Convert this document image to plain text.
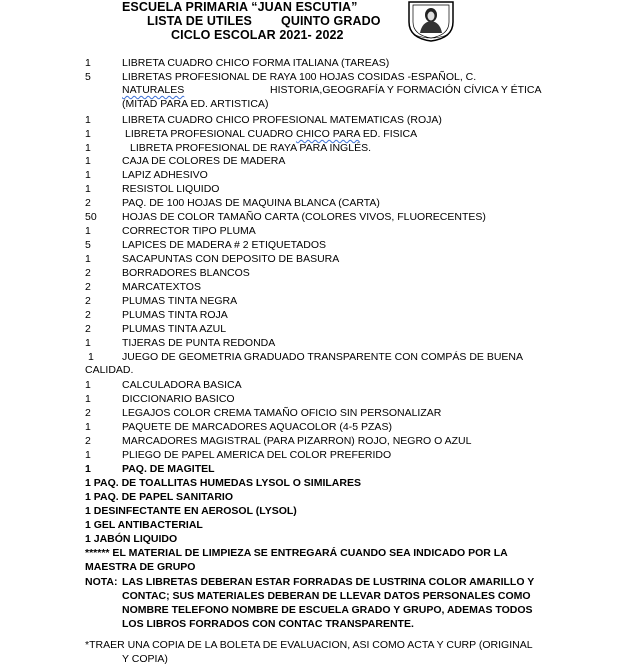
ESCUELA PRIMARIA “JUAN ESCUTIA”
LISTA DE UTILES QUINTO GRADO
CICLO ESCOLAR 2021- 2022
1	LIBRETA CUADRO CHICO FORMA ITALIANA (TAREAS)
5	LIBRETAS PROFESIONAL DE RAYA 100 HOJAS COSIDAS -ESPAÑOL, C.
NATURALES	HISTORIA,GEOGRAFÍA Y FORMACIÓN CÍVICA Y ÉTICA
(MITAD PARA ED. ARTISTICA)
1	LIBRETA CUADRO CHICO PROFESIONAL MATEMATICAS (ROJA)
1	LIBRETA PROFESIONAL CUADRO CHICO PARA ED. FISICA
1	LIBRETA PROFESIONAL DE RAYA PARA INGLÉS.
1	CAJA DE COLORES DE MADERA
1	LAPIZ ADHESIVO
1	RESISTOL LIQUIDO
2	PAQ. DE 100 HOJAS DE MAQUINA BLANCA (CARTA)
50 HOJAS DE COLOR TAMAÑO CARTA (COLORES VIVOS, FLUORECENTES)
1	CORRECTOR TIPO PLUMA
5	LAPICES DE MADERA # 2 ETIQUETADOS
1	SACAPUNTAS CON DEPOSITO DE BASURA
2	BORRADORES BLANCOS
2	MARCATEXTOS
2	PLUMAS TINTA NEGRA
2	PLUMAS TINTA ROJA
2	PLUMAS TINTA AZUL
1	TIJERAS DE PUNTA REDONDA
1	JUEGO DE GEOMETRIA GRADUADO TRANSPARENTE CON COMPÁS DE BUENA
CALIDAD.
1	CALCULADORA BASICA
1	DICCIONARIO BASICO
2	LEGAJOS COLOR CREMA TAMAÑO OFICIO SIN PERSONALIZAR
1	PAQUETE DE MARCADORES AQUACOLOR (4-5 PZAS)
2	MARCADORES MAGISTRAL (PARA PIZARRON) ROJO, NEGRO O AZUL
1	PLIEGO DE PAPEL AMERICA DEL COLOR PREFERIDO
1	PAQ. DE MAGITEL
1 PAQ. DE TOALLITAS HUMEDAS LYSOL O SIMILARES
1 PAQ. DE PAPEL SANITARIO
1 DESINFECTANTE EN AEROSOL (LYSOL)
1 GEL ANTIBACTERIAL
1 JABÓN LIQUIDO
****** EL MATERIAL DE LIMPIEZA SE ENTREGARÁ CUANDO SEA INDICADO POR LA
MAESTRA DE GRUPO
NOTA: LAS LIBRETAS DEBERAN ESTAR FORRADAS DE LUSTRINA COLOR AMARILLO Y
CONTAC; SUS MATERIALES DEBERAN DE LLEVAR DATOS PERSONALES COMO
NOMBRE TELEFONO NOMBRE DE ESCUELA GRADO Y GRUPO, ADEMAS TODOS
LOS LIBROS FORRADOS CON CONTAC TRANSPARENTE.
*TRAER UNA COPIA DE LA BOLETA DE EVALUACION, ASI COMO ACTA Y CURP (ORIGINAL
Y COPIA)
